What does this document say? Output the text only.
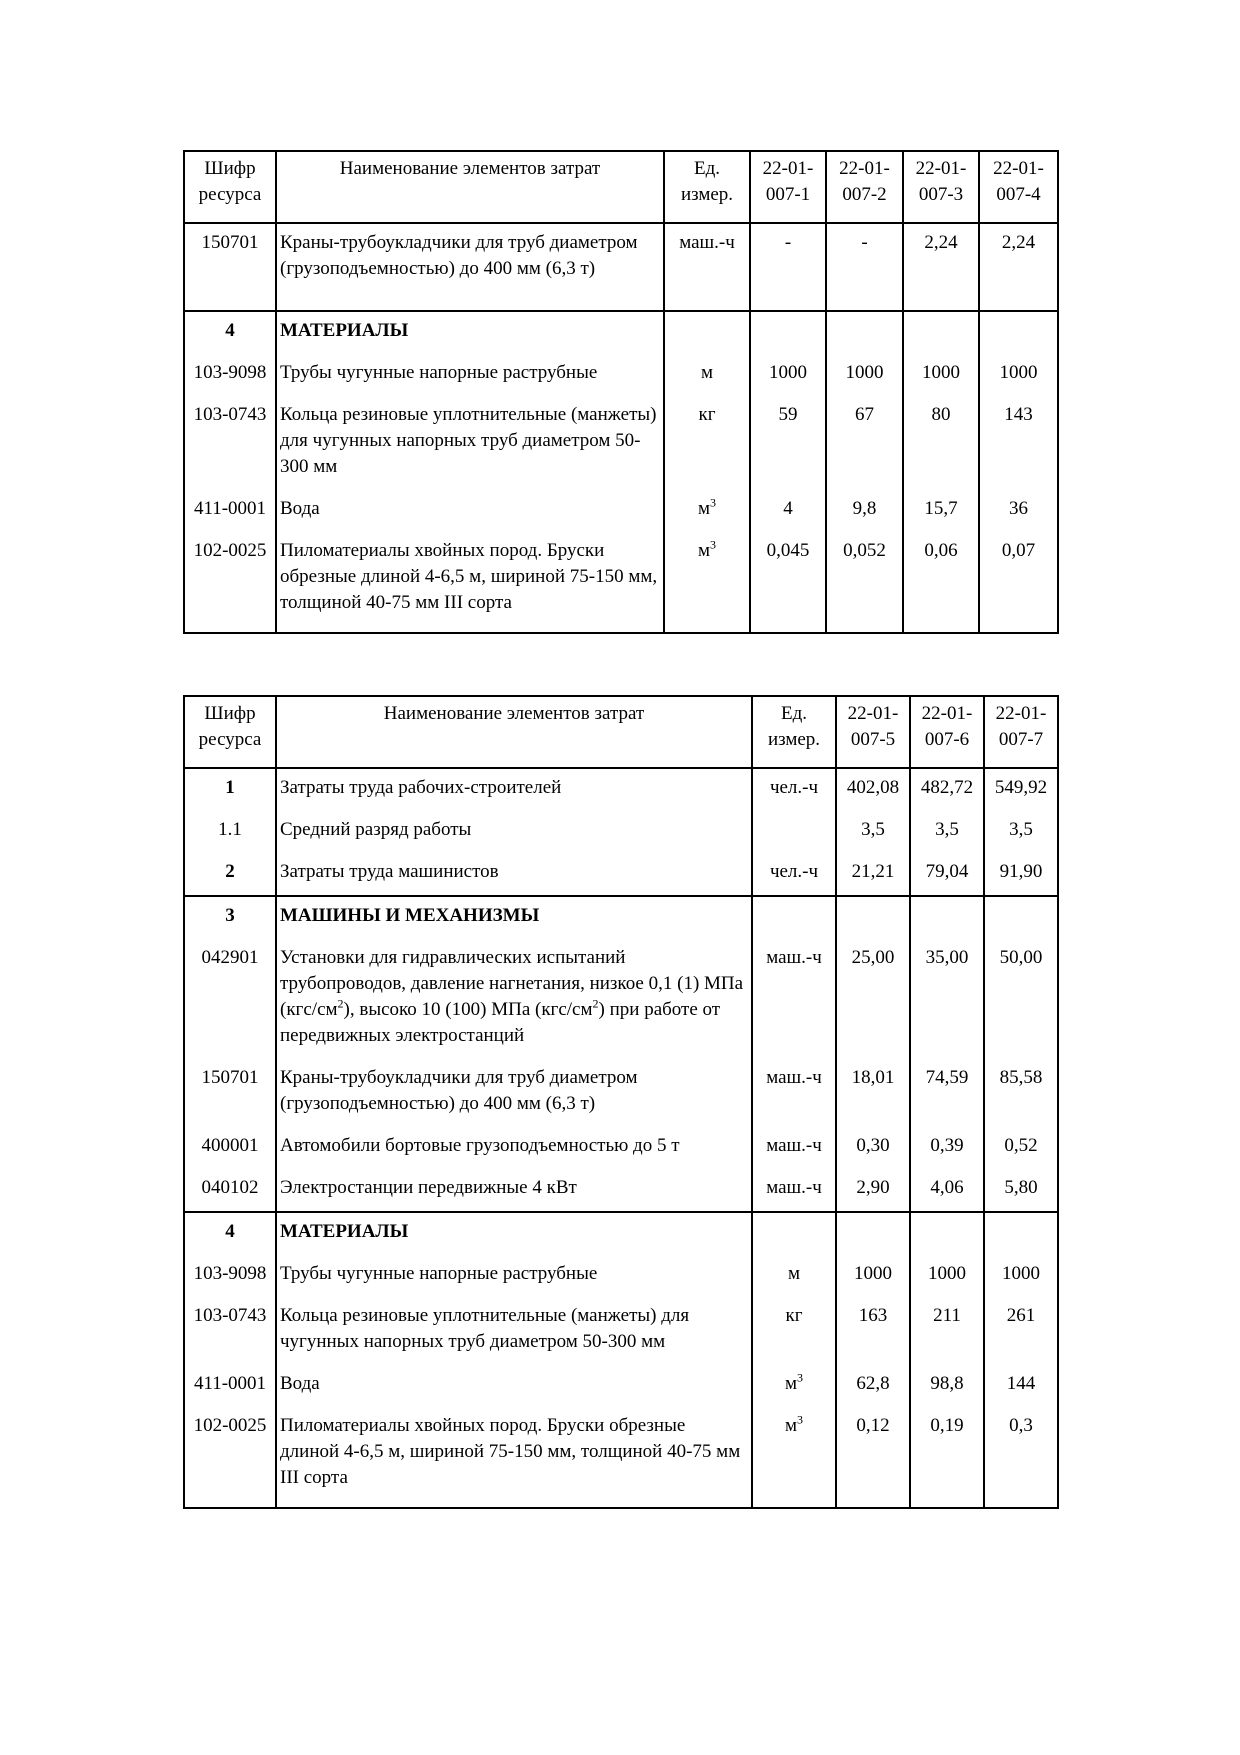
Шифр ресурса	Наименование элементов затрат	Ед. измер.	22-01-007-1	22-01-007-2	22-01-007-3	22-01-007-4
150701	Краны-трубоукладчики для труб диаметром (грузоподъемностью) до 400 мм (6,3 т)	маш.-ч	-	-	2,24	2,24
4	МАТЕРИАЛЫ					
103-9098	Трубы чугунные напорные раструбные	м	1000	1000	1000	1000
103-0743	Кольца резиновые уплотнительные (манжеты) для чугунных напорных труб диаметром 50-300 мм	кг	59	67	80	143
411-0001	Вода	$м^3$	4	9,8	15,7	36
102-0025	Пиломатериалы хвойных пород. Бруски обрезные длиной 4-6,5 м, шириной 75-150 мм, толщиной 40-75 мм III сорта	$м^3$	0,045	0,052	0,06	0,07
Шифр ресурса	Наименование элементов затрат	Ед. измер.	22-01-007-5	22-01-007-6	22-01-007-7
1	Затраты труда рабочих-строителей	чел.-ч	402,08	482,72	549,92
1.1	Средний разряд работы		3,5	3,5	3,5
2	Затраты труда машинистов	чел.-ч	21,21	79,04	91,90
3	МАШИНЫ И МЕХАНИЗМЫ				
042901	Установки для гидравлических испытаний трубопроводов, давление нагнетания, низкое 0,1 (1) МПа $(кгс/см^2)$, высоко 10 (100) МПа $(кгс/см^2)$ при работе от передвижных электростанций	маш.-ч	25,00	35,00	50,00
150701	Краны-трубоукладчики для труб диаметром (грузоподъемностью) до 400 мм (6,3 т)	маш.-ч	18,01	74,59	85,58
400001	Автомобили бортовые грузоподъемностью до 5 т	маш.-ч	0,30	0,39	0,52
040102	Электростанции передвижные 4 кВт	маш.-ч	2,90	4,06	5,80
4	МАТЕРИАЛЫ				
103-9098	Трубы чугунные напорные раструбные	м	1000	1000	1000
103-0743	Кольца резиновые уплотнительные (манжеты) для чугунных напорных труб диаметром 50-300 мм	кг	163	211	261
411-0001	Вода	$м^3$	62,8	98,8	144
102-0025	Пиломатериалы хвойных пород. Бруски обрезные длиной 4-6,5 м, шириной 75-150 мм, толщиной 40-75 мм III сорта	$м^3$	0,12	0,19	0,3
